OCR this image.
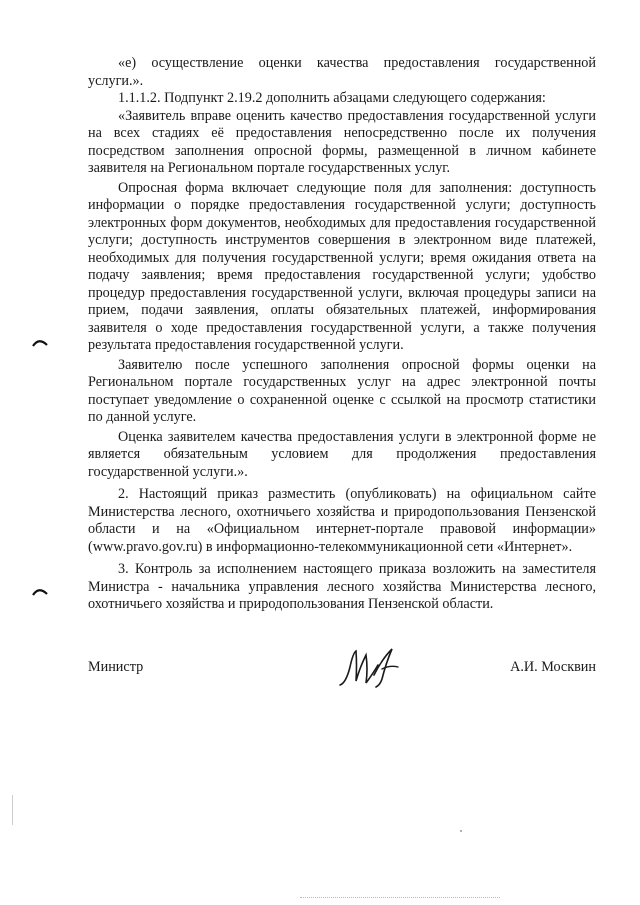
«е) осуществление оценки качества предоставления государственной услуги.».

1.1.1.2. Подпункт 2.19.2 дополнить абзацами следующего содержания:

«Заявитель вправе оценить качество предоставления государственной услуги на всех стадиях её предоставления непосредственно после их получения посредством заполнения опросной формы, размещенной в личном кабинете заявителя на Региональном портале государственных услуг.

Опросная форма включает следующие поля для заполнения: доступность информации о порядке предоставления государственной услуги; доступность электронных форм документов, необходимых для предоставления государственной услуги; доступность инструментов совершения в электронном виде платежей, необходимых для получения государственной услуги; время ожидания ответа на подачу заявления; время предоставления государственной услуги; удобство процедур предоставления государственной услуги, включая процедуры записи на прием, подачи заявления, оплаты обязательных платежей, информирования заявителя о ходе предоставления государственной услуги, а также получения результата предоставления государственной услуги.

Заявителю после успешного заполнения опросной формы оценки на Региональном портале государственных услуг на адрес электронной почты поступает уведомление о сохраненной оценке с ссылкой на просмотр статистики по данной услуге.

Оценка заявителем качества предоставления услуги в электронной форме не является обязательным условием для продолжения предоставления государственной услуги.».

2. Настоящий приказ разместить (опубликовать) на официальном сайте Министерства лесного, охотничьего хозяйства и природопользования Пензенской области и на «Официальном интернет-портале правовой информации» (www.pravo.gov.ru) в информационно-телекоммуникационной сети «Интернет».

3. Контроль за исполнением настоящего приказа возложить на заместителя Министра - начальника управления лесного хозяйства Министерства лесного, охотничьего хозяйства и природопользования Пензенской области.

Министр	А.И. Москвин
